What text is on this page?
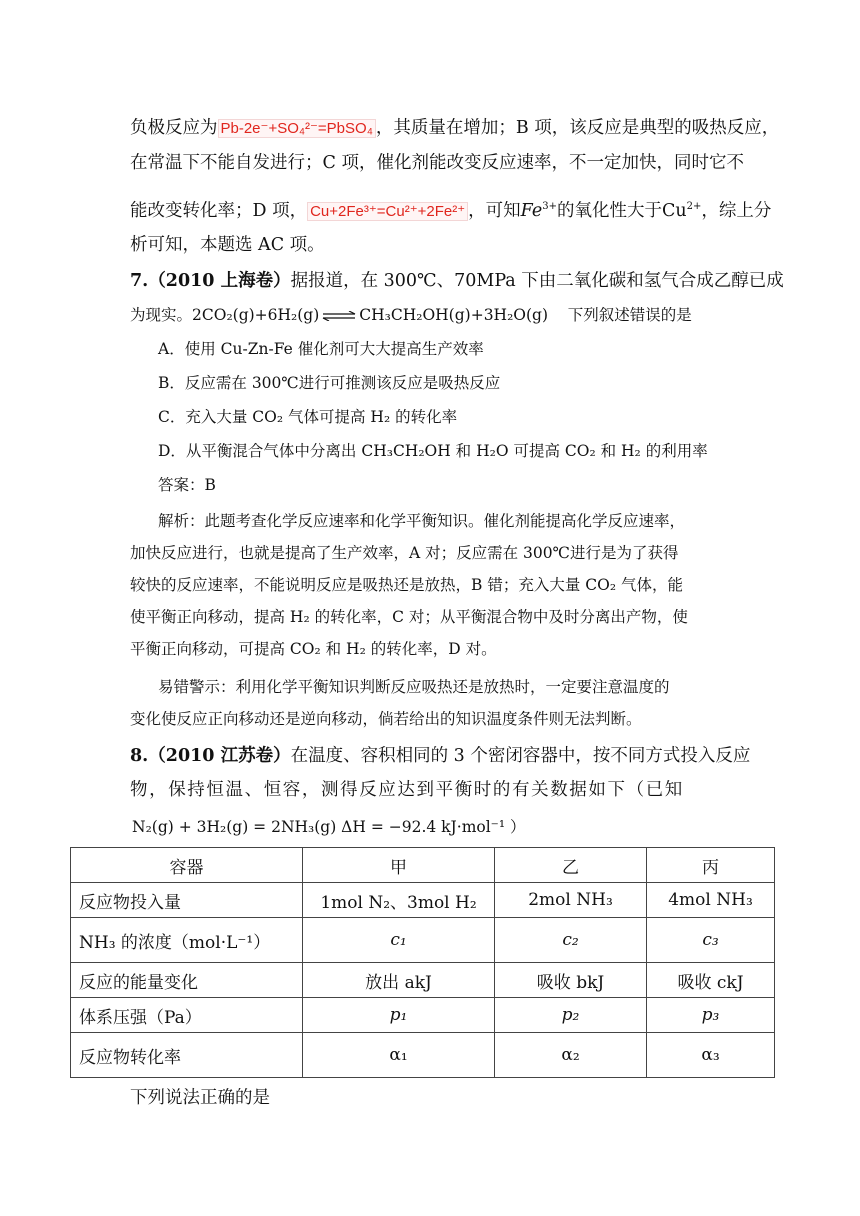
负极反应为 Pb-2e⁻+SO₄²⁻=PbSO₄ ，其质量在增加；B 项，该反应是典型的吸热反应，
在常温下不能自发进行；C 项，催化剂能改变反应速率，不一定加快，同时它不
能改变转化率；D 项， Cu+2Fe³⁺=Cu²⁺+2Fe²⁺ ，可知$Fe^{3+}$的氧化性大于$Cu^{2+}$，综上分
析可知，本题选 AC 项。
7.（2010 上海卷）据报道，在 300℃、70MPa 下由二氧化碳和氢气合成乙醇已成
为现实。2CO₂(g)+6H₂(g) ⇌ CH₃CH₂OH(g)+3H₂O(g) 下列叙述错误的是
A．使用 Cu-Zn-Fe 催化剂可大大提高生产效率
B．反应需在 300℃进行可推测该反应是吸热反应
C．充入大量 CO₂ 气体可提高 H₂ 的转化率
D．从平衡混合气体中分离出 CH₃CH₂OH 和 H₂O 可提高 CO₂ 和 H₂ 的利用率
答案：B
解析：此题考查化学反应速率和化学平衡知识。催化剂能提高化学反应速率，
加快反应进行，也就是提高了生产效率，A 对；反应需在 300℃进行是为了获得
较快的反应速率，不能说明反应是吸热还是放热，B 错；充入大量 CO₂ 气体，能
使平衡正向移动，提高 H₂ 的转化率，C 对；从平衡混合物中及时分离出产物，使
平衡正向移动，可提高 CO₂ 和 H₂ 的转化率，D 对。
易错警示：利用化学平衡知识判断反应吸热还是放热时，一定要注意温度的
变化使反应正向移动还是逆向移动，倘若给出的知识温度条件则无法判断。
8.（2010 江苏卷）在温度、容积相同的 3 个密闭容器中，按不同方式投入反应
物，保持恒温、恒容，测得反应达到平衡时的有关数据如下（已知
N₂(g) + 3H₂(g) = 2NH₃(g) ΔH = −92.4 kJ·mol⁻¹ ）
容器	甲	乙	丙
反应物投入量	1mol N₂、3mol H₂	2mol NH₃	4mol NH₃
NH₃ 的浓度（mol·L⁻¹）	c₁	c₂	c₃
反应的能量变化	放出 akJ	吸收 bkJ	吸收 ckJ
体系压强（Pa）	p₁	p₂	p₃
反应物转化率	α₁	α₂	α₃
下列说法正确的是
